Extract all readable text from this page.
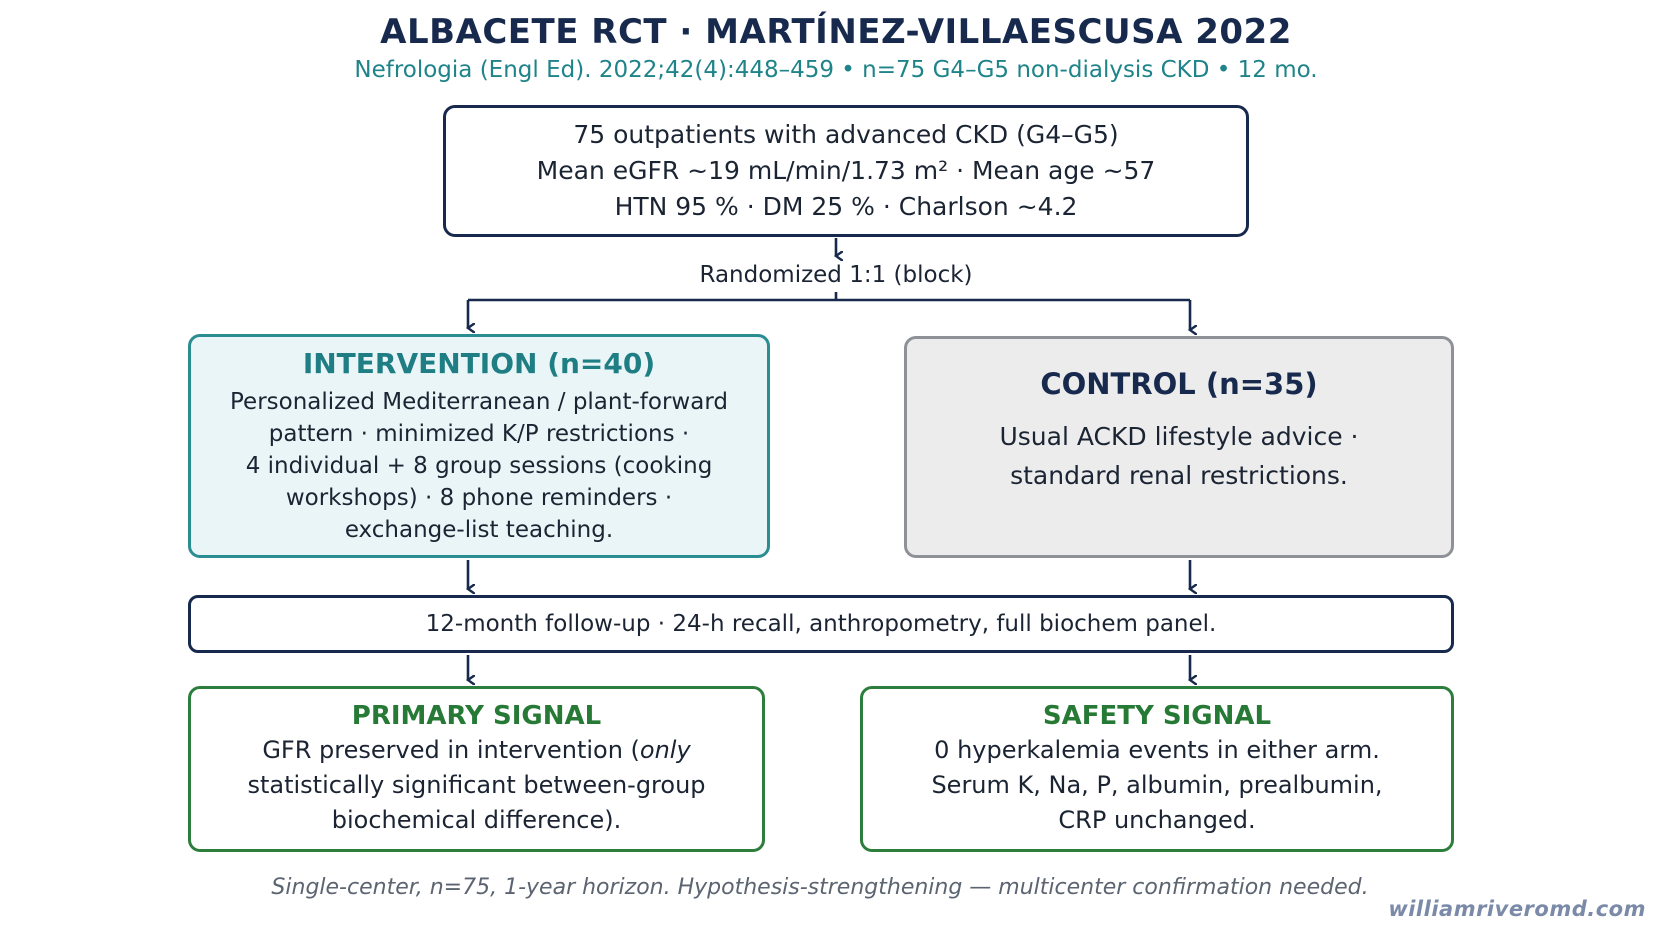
ALBACETE RCT · MARTÍNEZ-VILLAESCUSA 2022
Nefrologia (Engl Ed). 2022;42(4):448–459 • n=75 G4–G5 non-dialysis CKD • 12 mo.
75 outpatients with advanced CKD (G4–G5)
Mean eGFR ~19 mL/min/1.73 m² · Mean age ~57
HTN 95 % · DM 25 % · Charlson ~4.2
Randomized 1:1 (block)
INTERVENTION (n=40)
Personalized Mediterranean / plant-forward
pattern · minimized K/P restrictions ·
4 individual + 8 group sessions (cooking
workshops) · 8 phone reminders ·
exchange-list teaching.
CONTROL (n=35)
Usual ACKD lifestyle advice ·
standard renal restrictions.
12-month follow-up · 24-h recall, anthropometry, full biochem panel.
PRIMARY SIGNAL
GFR preserved in intervention (only
statistically significant between-group
biochemical difference).
SAFETY SIGNAL
0 hyperkalemia events in either arm.
Serum K, Na, P, albumin, prealbumin,
CRP unchanged.
Single-center, n=75, 1-year horizon. Hypothesis-strengthening — multicenter confirmation needed.
williamriveromd.com
